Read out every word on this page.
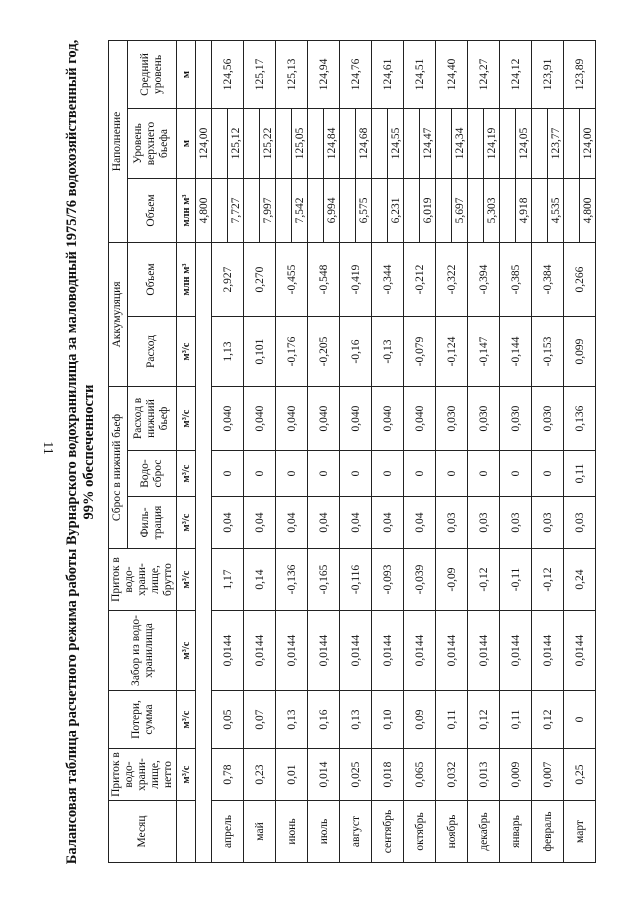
11 Балансовая таблица расчетного режима работы Вурнарского водохранилища за маловодный 1975/76 водохозяйственный год, 99% обеспеченности
Месяц	Приток в водо-храни-лище, нетто	Потери, сумма	Забор из водо-хранилища	Приток в водо-храни-лище, брутто	Сброс в нижний бьеф			Аккумуляция		Наполнение		
					Филь-трация	Водо-сброс	Расход в нижний бьеф	Расход	Объем	Объем	Уровень верхнего бьефа	Средний уровень
	м³/с	м³/с	м³/с	м³/с	м³/с	м³/с	м³/с	м³/с	млн м³	млн м³	м	м
										4,800	124,00	
апрель	0,78	0,05	0,0144	1,17	0,04	0	0,040	1,13	2,927			124,56
										7,727	125,12	
май	0,23	0,07	0,0144	0,14	0,04	0	0,040	0,101	0,270			125,17
										7,997	125,22	
июнь	0,01	0,13	0,0144	-0,136	0,04	0	0,040	-0,176	-0,455			125,13
										7,542	125,05	
июль	0,014	0,16	0,0144	-0,165	0,04	0	0,040	-0,205	-0,548			124,94
										6,994	124,84	
август	0,025	0,13	0,0144	-0,116	0,04	0	0,040	-0,16	-0,419			124,76
										6,575	124,68	
сентябрь	0,018	0,10	0,0144	-0,093	0,04	0	0,040	-0,13	-0,344			124,61
										6,231	124,55	
октябрь	0,065	0,09	0,0144	-0,039	0,04	0	0,040	-0,079	-0,212			124,51
										6,019	124,47	
ноябрь	0,032	0,11	0,0144	-0,09	0,03	0	0,030	-0,124	-0,322			124,40
										5,697	124,34	
декабрь	0,013	0,12	0,0144	-0,12	0,03	0	0,030	-0,147	-0,394			124,27
										5,303	124,19	
январь	0,009	0,11	0,0144	-0,11	0,03	0	0,030	-0,144	-0,385			124,12
										4,918	124,05	
февраль	0,007	0,12	0,0144	-0,12	0,03	0	0,030	-0,153	-0,384			123,91
										4,535	123,77	
март	0,25	0	0,0144	0,24	0,03	0,11	0,136	0,099	0,266			123,89
										4,800	124,00	
